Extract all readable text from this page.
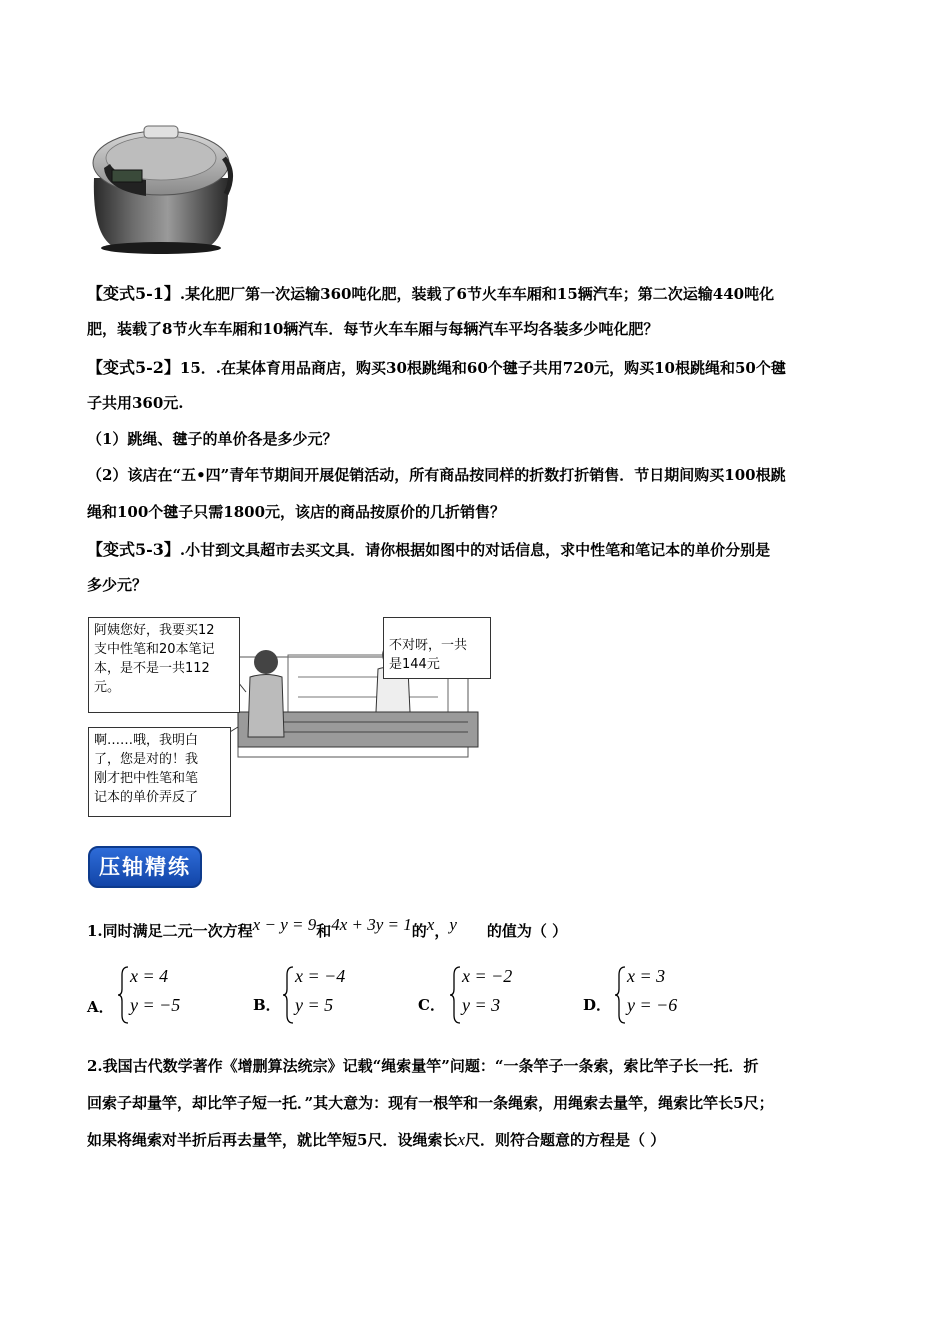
【变式5-1】.某化肥厂第一次运输360吨化肥，装载了6节火车车厢和15辆汽车；第二次运输440吨化
肥，装载了8节火车车厢和10辆汽车．每节火车车厢与每辆汽车平均各装多少吨化肥？
【变式5-2】15．.在某体育用品商店，购买30根跳绳和60个毽子共用720元，购买10根跳绳和50个毽
子共用360元.
（1）跳绳、毽子的单价各是多少元？
（2）该店在“五•四”青年节期间开展促销活动，所有商品按同样的折数打折销售．节日期间购买100根跳
绳和100个毽子只需1800元，该店的商品按原价的几折销售？
【变式5-3】.小甘到文具超市去买文具．请你根据如图中的对话信息，求中性笔和笔记本的单价分别是
多少元？
阿姨您好，我要买12
支中性笔和20本笔记
本，是不是一共112
元。
不对呀，一共
是144元
啊……哦，我明白
了，您是对的！我
刚才把中性笔和笔
记本的单价弄反了
压轴精练
1.同时满足二元一次方程x − y = 9和4x + 3y = 1的x，y 的值为（ ）
A．
x = 4
y = −5	B．
x = −4
y = 5	C．
x = −2
y = 3	D．
x = 3
y = −6
2.我国古代数学著作《增删算法统宗》记载“绳索量竿”问题：“一条竿子一条索，索比竿子长一托．折
回索子却量竿，却比竿子短一托．”其大意为：现有一根竿和一条绳索，用绳索去量竿，绳索比竿长5尺；
如果将绳索对半折后再去量竿，就比竿短5尺．设绳索长x尺．则符合题意的方程是（ ）
